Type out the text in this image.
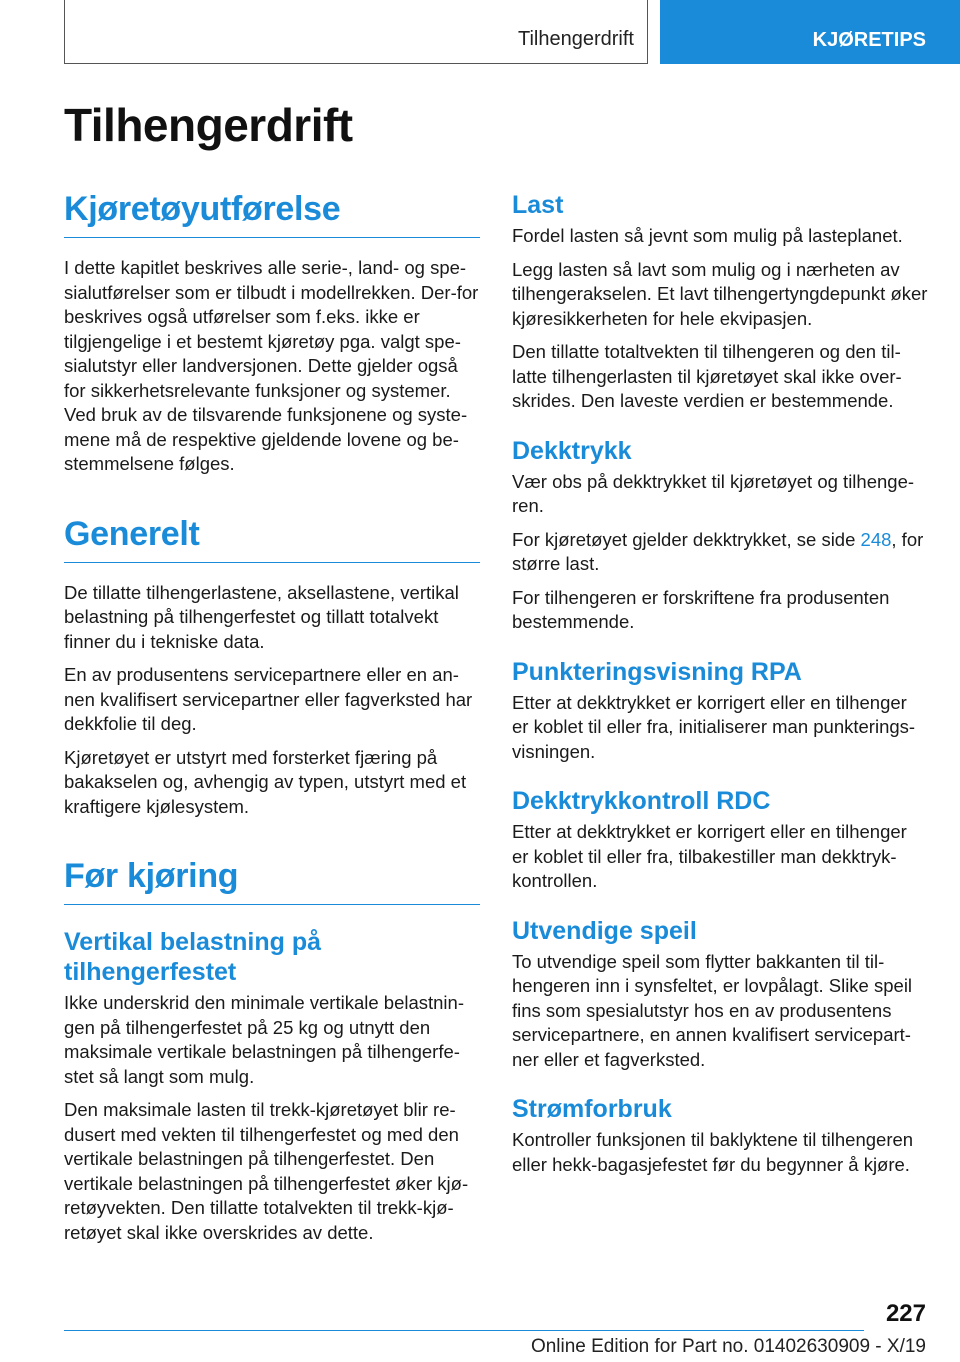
Tilhengerdrift	KJØRETIPS
Tilhengerdrift
Kjøretøyutførelse

I dette kapitlet beskrives alle serie-, land- og spe-sialutførelser som er tilbudt i modellrekken. Der-for beskrives også utførelser som f.eks. ikke er tilgjengelige i et bestemt kjøretøy pga. valgt spe-sialutstyr eller landversjonen. Dette gjelder også for sikkerhetsrelevante funksjoner og systemer. Ved bruk av de tilsvarende funksjonene og syste-mene må de respektive gjeldende lovene og be-stemmelsene følges.

Generelt

De tillatte tilhengerlastene, aksellastene, vertikal belastning på tilhengerfestet og tillatt totalvekt finner du i tekniske data.

En av produsentens servicepartnere eller en an-nen kvalifisert servicepartner eller fagverksted har dekkfolie til deg.

Kjøretøyet er utstyrt med forsterket fjæring på bakakselen og, avhengig av typen, utstyrt med et kraftigere kjølesystem.

Før kjøring
Vertikal belastning på tilhengerfestet

Ikke underskrid den minimale vertikale belastnin-gen på tilhengerfestet på 25 kg og utnytt den maksimale vertikale belastningen på tilhengerfe-stet så langt som mulg.

Den maksimale lasten til trekk-kjøretøyet blir re-dusert med vekten til tilhengerfestet og med den vertikale belastningen på tilhengerfestet. Den vertikale belastningen på tilhengerfestet øker kjø-retøyvekten. Den tillatte totalvekten til trekk-kjø-retøyet skal ikke overskrides av dette.

Last

Fordel lasten så jevnt som mulig på lasteplanet.

Legg lasten så lavt som mulig og i nærheten av tilhengerakselen. Et lavt tilhengertyngdepunkt øker kjøresikkerheten for hele ekvipasjen.

Den tillatte totaltvekten til tilhengeren og den til-latte tilhengerlasten til kjøretøyet skal ikke over-skrides. Den laveste verdien er bestemmende.

Dekktrykk

Vær obs på dekktrykket til kjøretøyet og tilhenge-ren.

For kjøretøyet gjelder dekktrykket, se side 248, for større last.

For tilhengeren er forskriftene fra produsenten bestemmende.

Punkteringsvisning RPA

Etter at dekktrykket er korrigert eller en tilhenger er koblet til eller fra, initialiserer man punkterings-visningen.

Dekktrykkontroll RDC

Etter at dekktrykket er korrigert eller en tilhenger er koblet til eller fra, tilbakestiller man dekktryk-kontrollen.

Utvendige speil

To utvendige speil som flytter bakkanten til til-hengeren inn i synsfeltet, er lovpålagt. Slike speil fins som spesialutstyr hos en av produsentens servicepartnere, en annen kvalifisert servicepart-ner eller et fagverksted.

Strømforbruk

Kontroller funksjonen til baklyktene til tilhengeren eller hekk-bagasjefestet før du begynner å kjøre.

227
Online Edition for Part no. 01402630909 - X/19
